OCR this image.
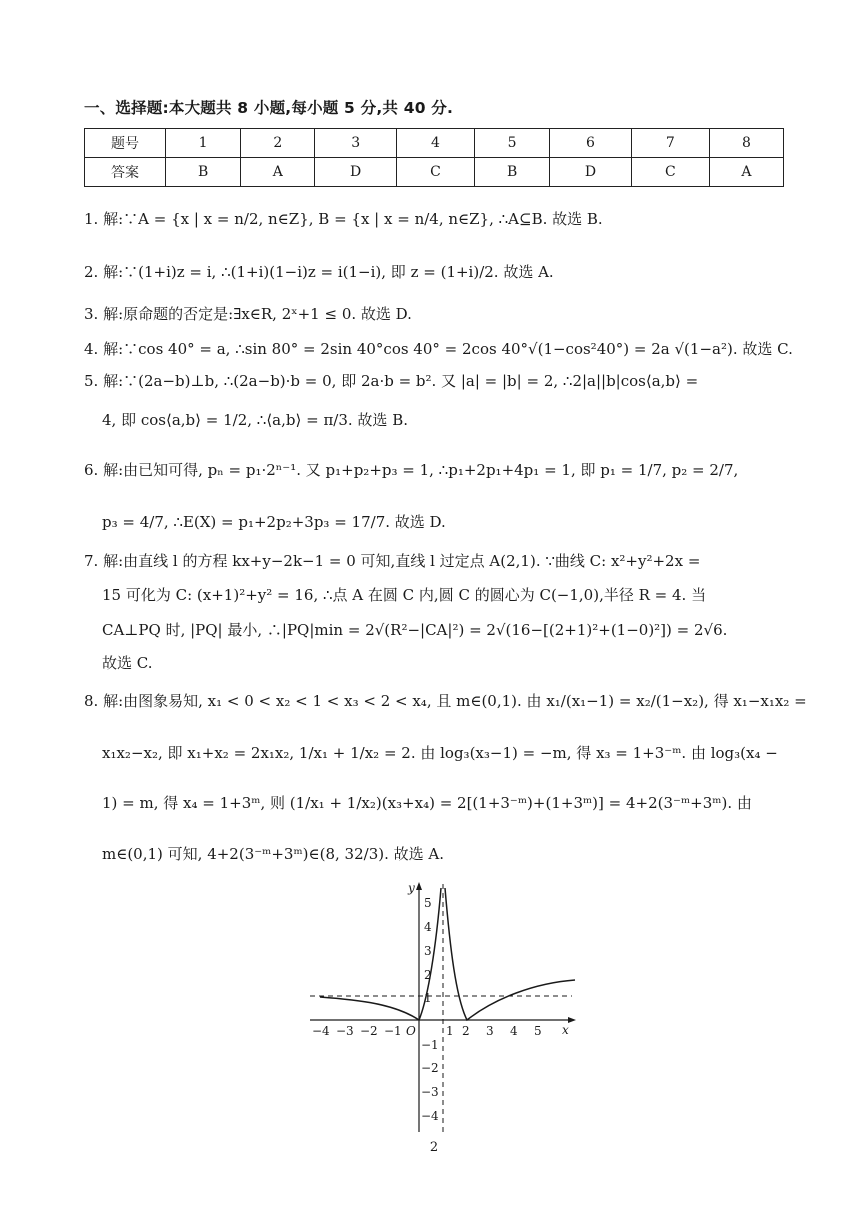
一、选择题:本大题共 8 小题,每小题 5 分,共 40 分.
题号	1	2	3	4	5	6	7	8
答案	B	A	D	C	B	D	C	A
1. 解:∵A = {x | x = n/2, n∈Z}, B = {x | x = n/4, n∈Z}, ∴A⊆B. 故选 B.
2. 解:∵(1+i)z = i, ∴(1+i)(1−i)z = i(1−i), 即 z = (1+i)/2. 故选 A.
3. 解:原命题的否定是:∃x∈R, 2ˣ+1 ≤ 0. 故选 D.
4. 解:∵cos 40° = a, ∴sin 80° = 2sin 40°cos 40° = 2cos 40°√(1−cos²40°) = 2a √(1−a²). 故选 C.
5. 解:∵(2a−b)⊥b, ∴(2a−b)·b = 0, 即 2a·b = b². 又 |a| = |b| = 2, ∴2|a||b|cos⟨a,b⟩ =
4, 即 cos⟨a,b⟩ = 1/2, ∴⟨a,b⟩ = π/3. 故选 B.
6. 解:由已知可得, pₙ = p₁·2ⁿ⁻¹. 又 p₁+p₂+p₃ = 1, ∴p₁+2p₁+4p₁ = 1, 即 p₁ = 1/7, p₂ = 2/7,
p₃ = 4/7, ∴E(X) = p₁+2p₂+3p₃ = 17/7. 故选 D.
7. 解:由直线 l 的方程 kx+y−2k−1 = 0 可知,直线 l 过定点 A(2,1). ∵曲线 C: x²+y²+2x =
15 可化为 C: (x+1)²+y² = 16, ∴点 A 在圆 C 内,圆 C 的圆心为 C(−1,0),半径 R = 4. 当
CA⊥PQ 时, |PQ| 最小, ∴|PQ|min = 2√(R²−|CA|²) = 2√(16−[(2+1)²+(1−0)²]) = 2√6.
故选 C.
8. 解:由图象易知, x₁ < 0 < x₂ < 1 < x₃ < 2 < x₄, 且 m∈(0,1). 由 x₁/(x₁−1) = x₂/(1−x₂), 得 x₁−x₁x₂ =
x₁x₂−x₂, 即 x₁+x₂ = 2x₁x₂, 1/x₁ + 1/x₂ = 2. 由 log₃(x₃−1) = −m, 得 x₃ = 1+3⁻ᵐ. 由 log₃(x₄ −
1) = m, 得 x₄ = 1+3ᵐ, 则 (1/x₁ + 1/x₂)(x₃+x₄) = 2[(1+3⁻ᵐ)+(1+3ᵐ)] = 4+2(3⁻ᵐ+3ᵐ). 由
m∈(0,1) 可知, 4+2(3⁻ᵐ+3ᵐ)∈(8, 32/3). 故选 A.
−4 −3 −2 −1	1 2 3 4 5 x
O
5
4
3
2
1
−1
−2
−3
−4
y
2
